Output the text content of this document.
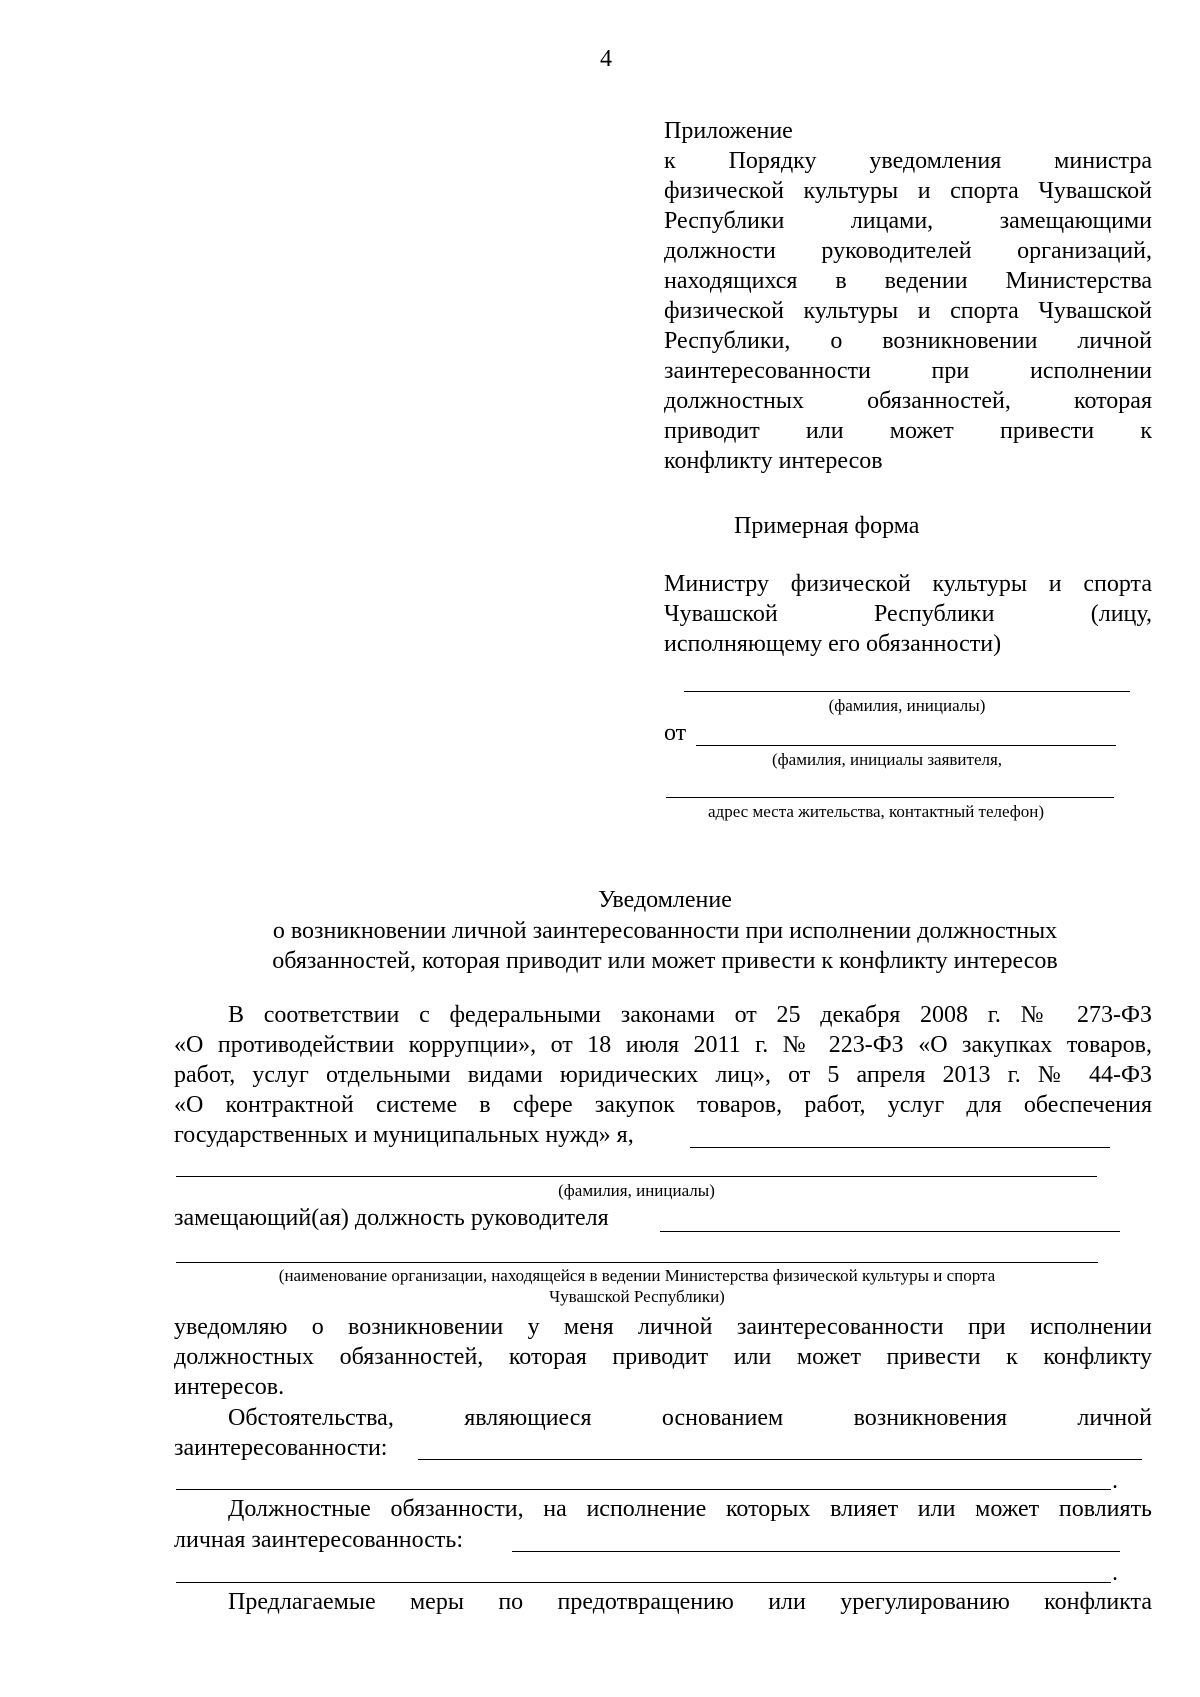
4
Приложение
к Порядку уведомления министра
физической культуры и спорта Чувашской
Республики лицами, замещающими
должности руководителей организаций,
находящихся в ведении Министерства
физической культуры и спорта Чувашской
Республики, о возникновении личной
заинтересованности при исполнении
должностных обязанностей, которая
приводит или может привести к
конфликту интересов
Примерная форма
Министру физической культуры и спорта
Чувашской Республики (лицу,
исполняющему его обязанности)
(фамилия, инициалы)
от
(фамилия, инициалы заявителя,
адрес места жительства, контактный телефон)
Уведомление
о возникновении личной заинтересованности при исполнении должностных
обязанностей, которая приводит или может привести к конфликту интересов
В соответствии с федеральными законами от 25 декабря 2008 г. № 273-ФЗ
«О противодействии коррупции», от 18 июля 2011 г. № 223-ФЗ «О закупках товаров,
работ, услуг отдельными видами юридических лиц», от 5 апреля 2013 г. № 44-ФЗ
«О контрактной системе в сфере закупок товаров, работ, услуг для обеспечения
государственных и муниципальных нужд» я,
(фамилия, инициалы)
замещающий(ая) должность руководителя
(наименование организации, находящейся в ведении Министерства физической культуры и спорта
Чувашской Республики)
уведомляю о возникновении у меня личной заинтересованности при исполнении
должностных обязанностей, которая приводит или может привести к конфликту
интересов.
Обстоятельства, являющиеся основанием возникновения личной
заинтересованности:
.
Должностные обязанности, на исполнение которых влияет или может повлиять
личная заинтересованность:
.
Предлагаемые меры по предотвращению или урегулированию конфликта
